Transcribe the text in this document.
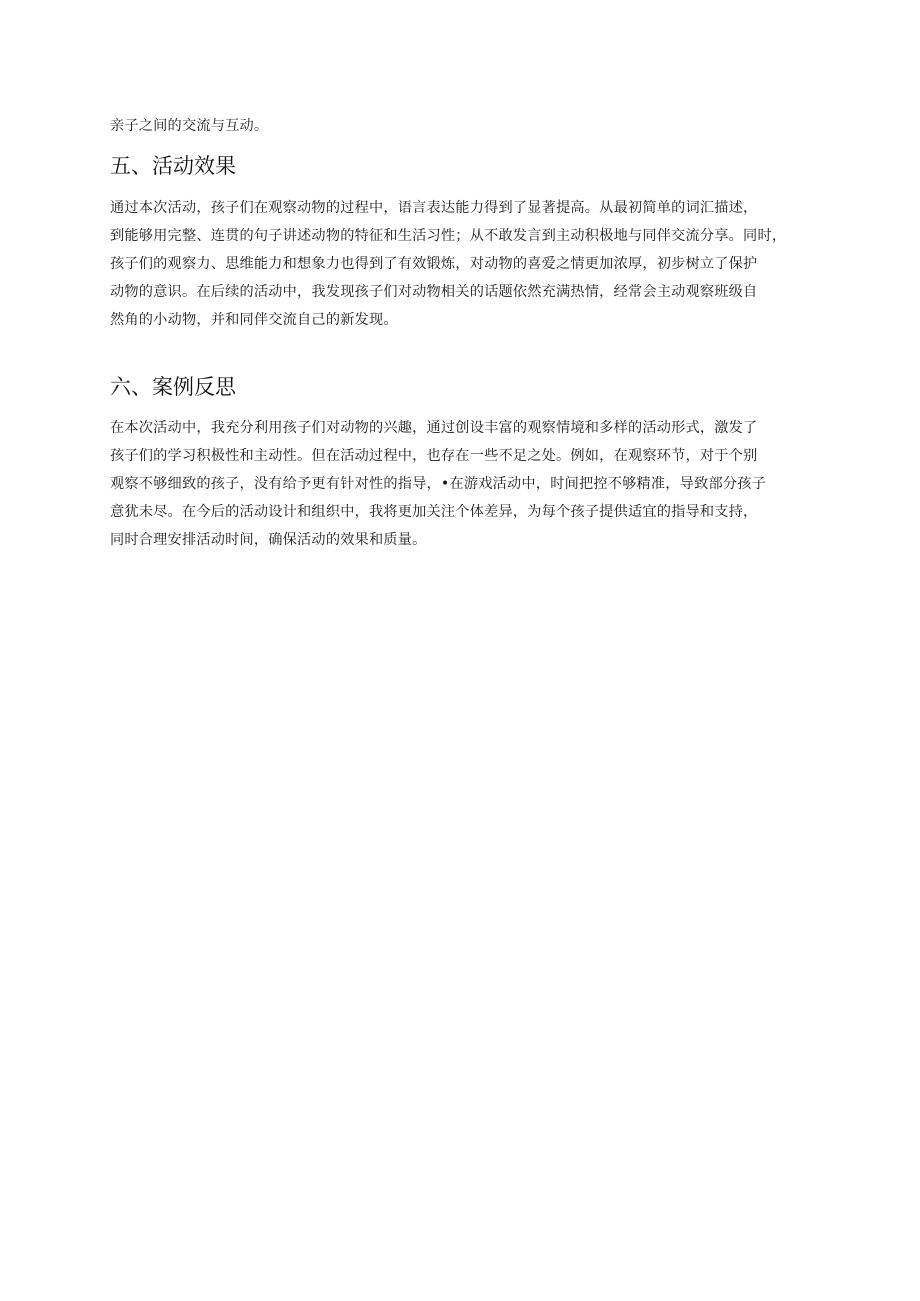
亲子之间的交流与互动。
五、活动效果
通过本次活动，孩子们在观察动物的过程中，语言表达能力得到了显著提高。从最初简单的词汇描述，
到能够用完整、连贯的句子讲述动物的特征和生活习性；从不敢发言到主动积极地与同伴交流分享。同时，
孩子们的观察力、思维能力和想象力也得到了有效锻炼，对动物的喜爱之情更加浓厚，初步树立了保护
动物的意识。在后续的活动中，我发现孩子们对动物相关的话题依然充满热情，经常会主动观察班级自
然角的小动物，并和同伴交流自己的新发现。
六、案例反思
在本次活动中，我充分利用孩子们对动物的兴趣，通过创设丰富的观察情境和多样的活动形式，激发了
孩子们的学习积极性和主动性。但在活动过程中，也存在一些不足之处。例如，在观察环节，对于个别
观察不够细致的孩子，没有给予更有针对性的指导，•在游戏活动中，时间把控不够精准，导致部分孩子
意犹未尽。在今后的活动设计和组织中，我将更加关注个体差异，为每个孩子提供适宜的指导和支持，
同时合理安排活动时间，确保活动的效果和质量。
